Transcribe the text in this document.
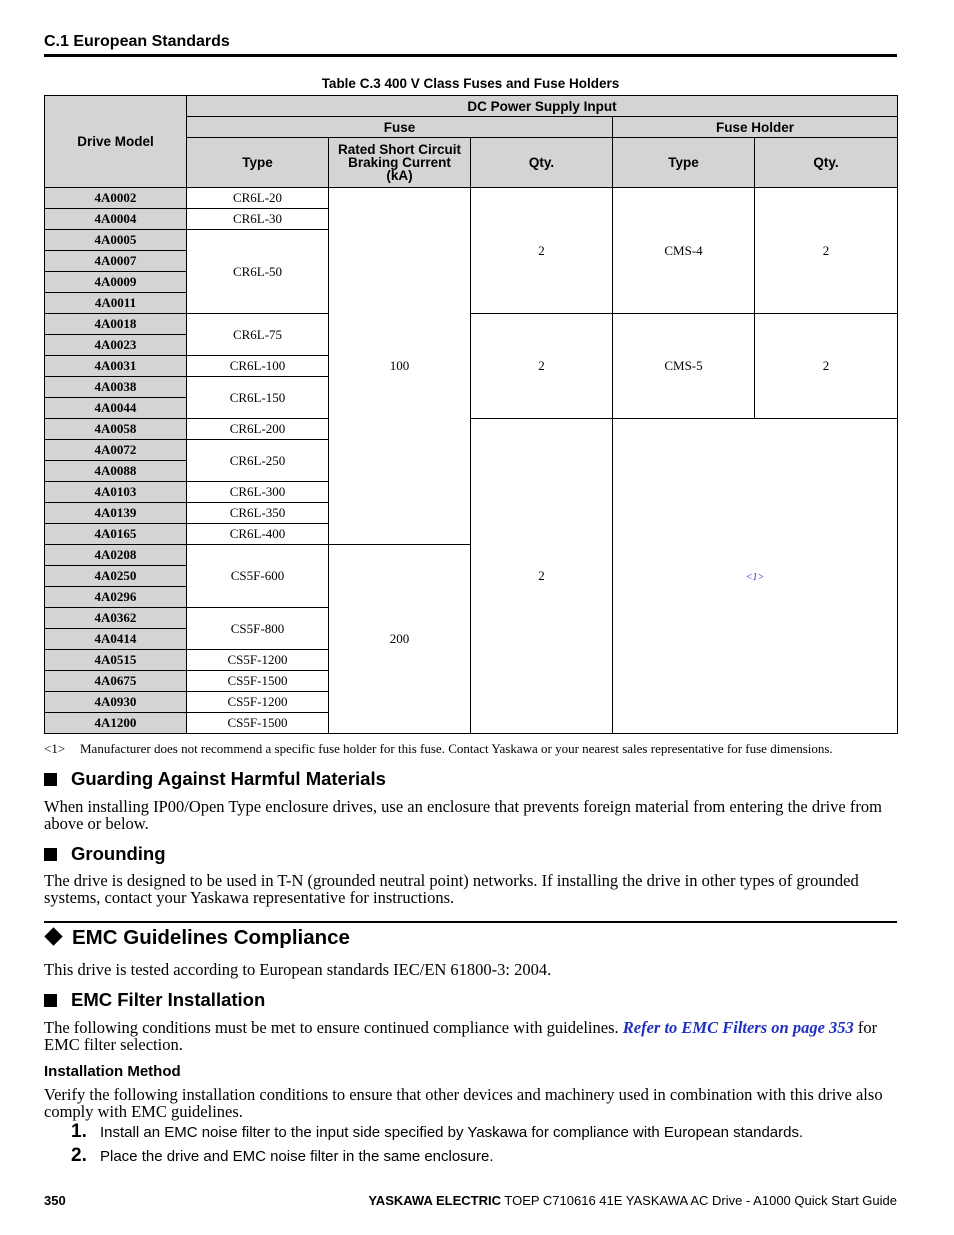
C.1 European Standards
Table C.3 400 V Class Fuses and Fuse Holders
Drive Model	DC Power Supply Input				
	Fuse			Fuse Holder	
	Type	Rated Short Circuit
Braking Current
(kA)	Qty.	Type	Qty.
4A0002	CR6L-20	100	2	CMS-4	2
4A0004	CR6L-30				
4A0005	CR6L-50				
4A0007					
4A0009					
4A0011					
4A0018	CR6L-75		2	CMS-5	2
4A0023					
4A0031	CR6L-100				
4A0038	CR6L-150				
4A0044					
4A0058	CR6L-200		2	<1>	
4A0072	CR6L-250				
4A0088					
4A0103	CR6L-300				
4A0139	CR6L-350				
4A0165	CR6L-400				
4A0208	CS5F-600	200			
4A0250					
4A0296					
4A0362	CS5F-800				
4A0414					
4A0515	CS5F-1200				
4A0675	CS5F-1500				
4A0930	CS5F-1200				
4A1200	CS5F-1500				
<1> Manufacturer does not recommend a specific fuse holder for this fuse. Contact Yaskawa or your nearest sales representative for fuse dimensions.
Guarding Against Harmful Materials
When installing IP00/Open Type enclosure drives, use an enclosure that prevents foreign material from entering the drive from above or below.
Grounding
The drive is designed to be used in T-N (grounded neutral point) networks. If installing the drive in other types of grounded systems, contact your Yaskawa representative for instructions.
EMC Guidelines Compliance
This drive is tested according to European standards IEC/EN 61800-3: 2004.
EMC Filter Installation
The following conditions must be met to ensure continued compliance with guidelines. Refer to EMC Filters on page 353 for EMC filter selection.
Installation Method
Verify the following installation conditions to ensure that other devices and machinery used in combination with this drive also comply with EMC guidelines.
1. Install an EMC noise filter to the input side specified by Yaskawa for compliance with European standards.
2. Place the drive and EMC noise filter in the same enclosure.
350	YASKAWA ELECTRIC TOEP C710616 41E YASKAWA AC Drive - A1000 Quick Start Guide
